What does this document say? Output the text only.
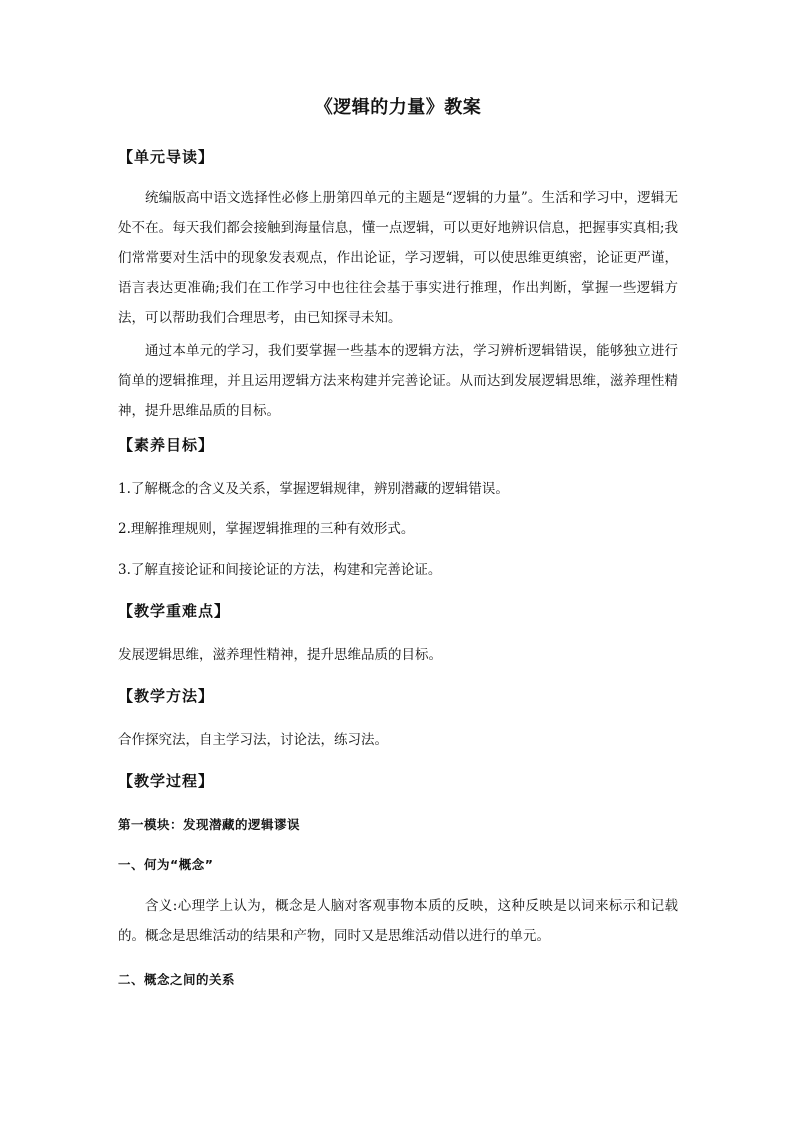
《逻辑的力量》教案
【单元导读】
统编版高中语文选择性必修上册第四单元的主题是“逻辑的力量”。生活和学习中，逻辑无处不在。每天我们都会接触到海量信息，懂一点逻辑，可以更好地辨识信息，把握事实真相;我们常常要对生活中的现象发表观点，作出论证，学习逻辑，可以使思维更缜密，论证更严谨，语言表达更准确;我们在工作学习中也往往会基于事实进行推理，作出判断，掌握一些逻辑方法，可以帮助我们合理思考，由已知探寻未知。
通过本单元的学习，我们要掌握一些基本的逻辑方法，学习辨析逻辑错误，能够独立进行简单的逻辑推理，并且运用逻辑方法来构建并完善论证。从而达到发展逻辑思维，滋养理性精神，提升思维品质的目标。
【素养目标】
1.了解概念的含义及关系，掌握逻辑规律，辨别潜藏的逻辑错误。
2.理解推理规则，掌握逻辑推理的三种有效形式。
3.了解直接论证和间接论证的方法，构建和完善论证。
【教学重难点】
发展逻辑思维，滋养理性精神，提升思维品质的目标。
【教学方法】
合作探究法，自主学习法，讨论法，练习法。
【教学过程】
第一模块：发现潜藏的逻辑谬误
一、何为“概念”
含义:心理学上认为，概念是人脑对客观事物本质的反映，这种反映是以词来标示和记载的。概念是思维活动的结果和产物，同时又是思维活动借以进行的单元。
二、概念之间的关系
